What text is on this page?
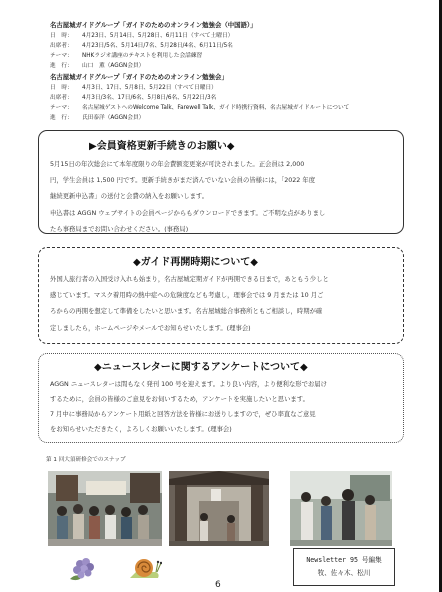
名古屋城ガイドグループ「ガイドのためのオンライン勉強会（中国語）」
日　時： 4月23日、5月14日、5月28日、6月11日（すべて土曜日）
出席者： 4月23日/5名、5月14日/7名、5月28日/4名、6月11日/5名
テーマ： NHKラジオ講座のテキストを利用した会話練習
進　行： 山口　薫（AGGN会員）
名古屋城ガイドグループ「ガイドのためのオンライン勉強会」
日　時： 4月3日、17日、5月8日、5月22日（すべて日曜日）
出席者： 4月3日/3名、17日/6名、5月8日/6名、5月22日/3名
テーマ： 名古屋城ゲストへのWelcome Talk、Farewell Talk、ガイド時携行資料、名古屋城ガイドルートについて
進　行： 氏田泰洋（AGGN会員）
▶会員資格更新手続きのお願い◆
5月15日の年次総会にて本年度限りの年会費额変更案が可決されました。正会員は 2,000
円，学生会員は 1,500 円です。更新手続きがまだ済んでいない会員の皆様には，「2022 年度
継続更新申込書」の送付と会費の納入をお願いします。
申込書は AGGN ウェブサイトの会員ページからもダウンロードできます。ご不明な点がありまし
たら事務局までお問い合わせください。(事務局)
◆ガイド再開時期について◆
外国人旅行者の入国受け入れも始まり，名古屋城定期ガイドが再開できる日まで，あともう少しと
感じています。マスク着用時の熱中症への危険度なども考慮し，理事会では 9 月または 10 月ご
ろからの再開を想定して準備をしたいと思います。名古屋城総合事務所ともご相談し，時期が確
定しましたら，ホームページやメールでお知らせいたします。(理事会)
◆ニュースレターに関するアンケートについて◆
AGGN ニュースレターは間もなく発刊 100 号を迎えます。より良い内容，より便利な形でお届け
するために，会員の皆様のご意見をお伺いするため，アンケートを実施したいと思います。
7 月中に事務局からアンケート用紙と回答方法を皆様にお送りしますので，ぜひ率直なご意見
をお知らせいただきたく，よろしくお願いいたします。(理事会)
第 1 回大須研修会でのスナップ
Newsletter 95 号編集
牧、佐々木、松川
6
